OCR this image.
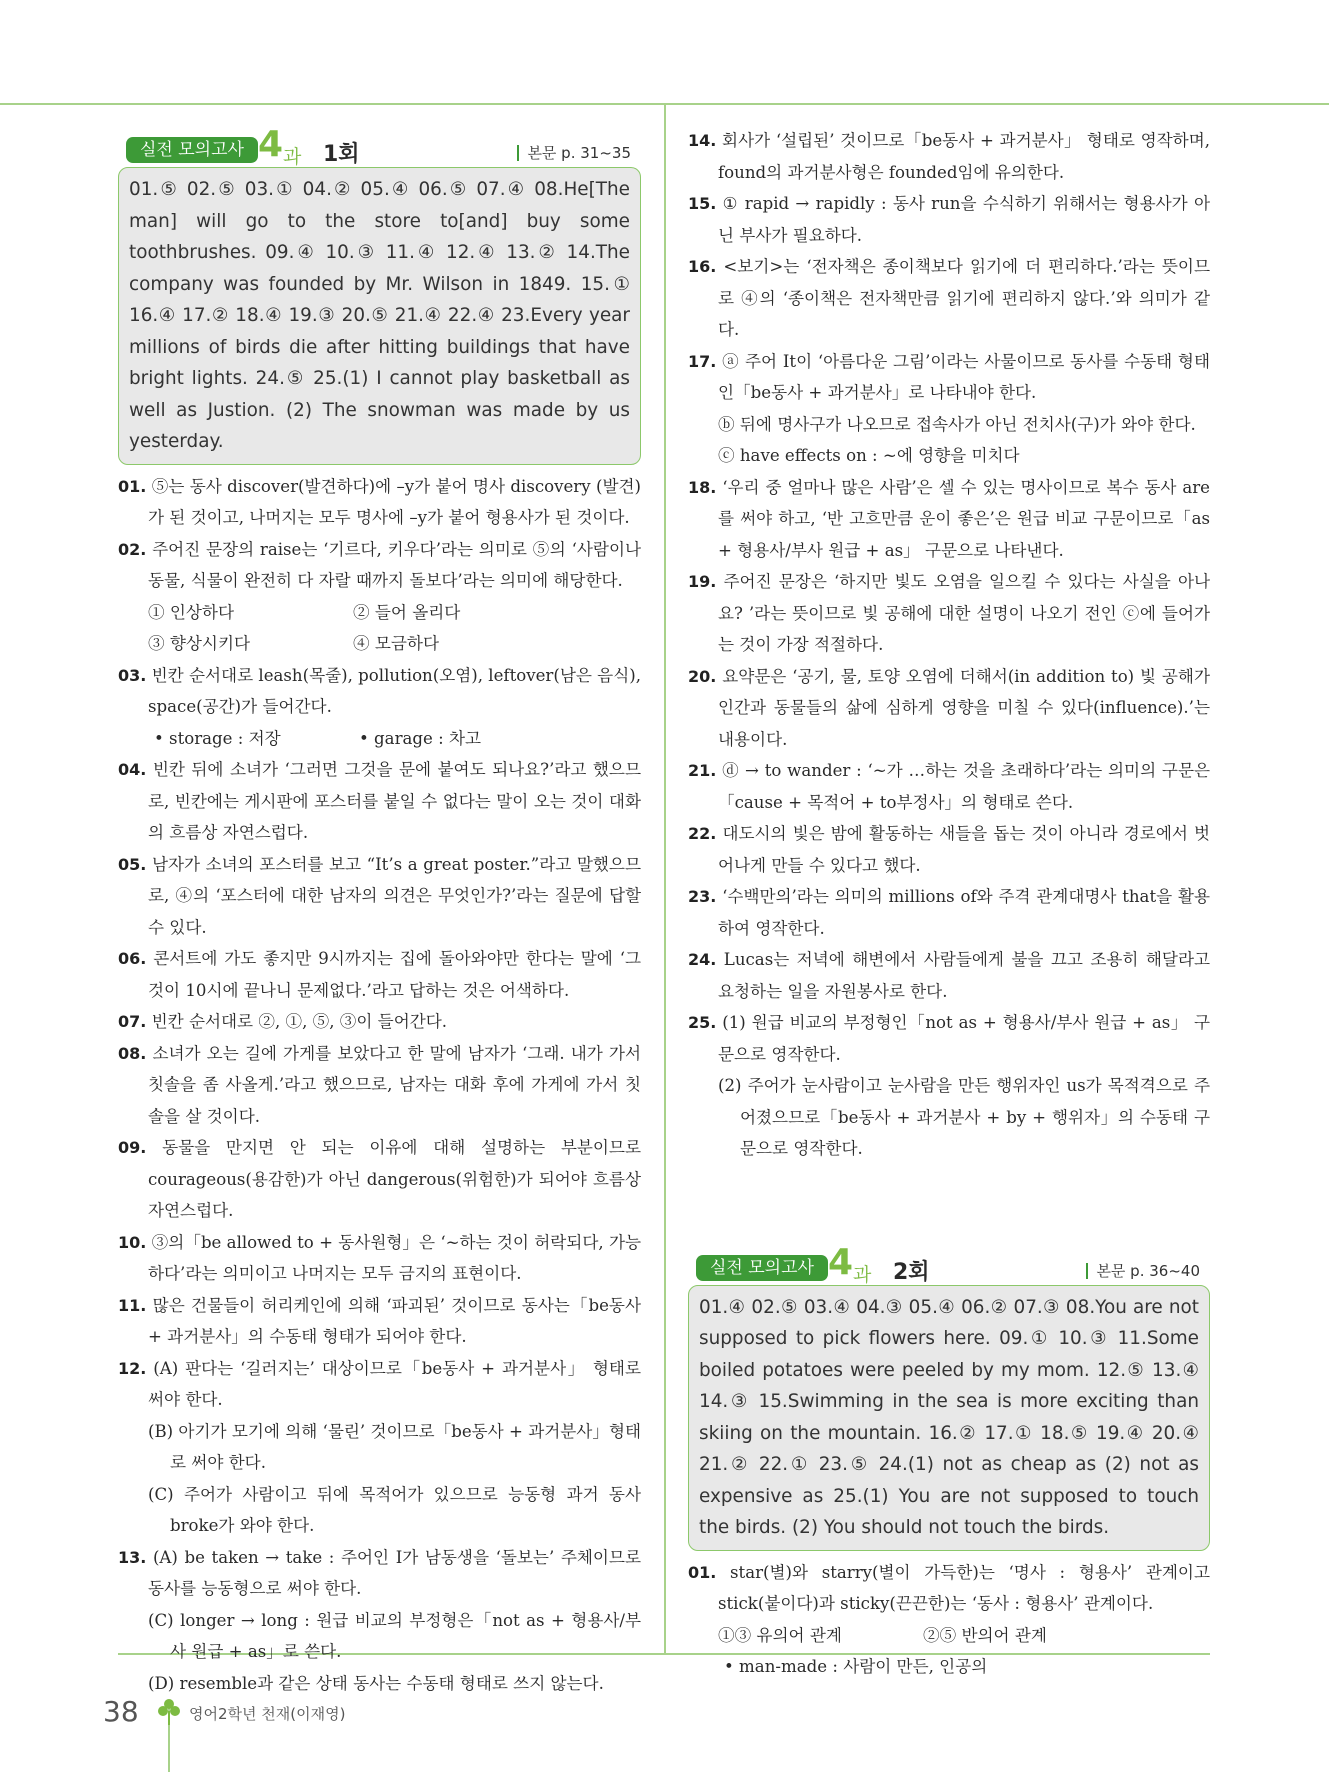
실전 모의고사 4 과 1회	본문 p. 31~35
01.⑤ 02.⑤ 03.① 04.② 05.④ 06.⑤ 07.④ 08.He[The man] will go to the store to[and] buy some toothbrushes. 09.④ 10.③ 11.④ 12.④ 13.② 14.The company was founded by Mr. Wilson in 1849. 15.① 16.④ 17.② 18.④ 19.③ 20.⑤ 21.④ 22.④ 23.Every year millions of birds die after hitting buildings that have bright lights. 24.⑤ 25.(1) I cannot play basketball as well as Justion. (2) The snowman was made by us yesterday.
01. ⑤는 동사 discover(발견하다)에 –y가 붙어 명사 discovery (발견)가 된 것이고, 나머지는 모두 명사에 –y가 붙어 형용사가 된 것이다.
02. 주어진 문장의 raise는 ‘기르다, 키우다’라는 의미로 ⑤의 ‘사람이나 동물, 식물이 완전히 다 자랄 때까지 돌보다’라는 의미에 해당한다.
① 인상하다	② 들어 올리다
③ 향상시키다	④ 모금하다
03. 빈칸 순서대로 leash(목줄), pollution(오염), leftover(남은 음식), space(공간)가 들어간다.
• storage : 저장	• garage : 차고
04. 빈칸 뒤에 소녀가 ‘그러면 그것을 문에 붙여도 되나요?’라고 했으므로, 빈칸에는 게시판에 포스터를 붙일 수 없다는 말이 오는 것이 대화의 흐름상 자연스럽다.
05. 남자가 소녀의 포스터를 보고 “It’s a great poster.”라고 말했으므로, ④의 ‘포스터에 대한 남자의 의견은 무엇인가?’라는 질문에 답할 수 있다.
06. 콘서트에 가도 좋지만 9시까지는 집에 돌아와야만 한다는 말에 ‘그것이 10시에 끝나니 문제없다.’라고 답하는 것은 어색하다.
07. 빈칸 순서대로 ②, ①, ⑤, ③이 들어간다.
08. 소녀가 오는 길에 가게를 보았다고 한 말에 남자가 ‘그래. 내가 가서 칫솔을 좀 사올게.’라고 했으므로, 남자는 대화 후에 가게에 가서 칫솔을 살 것이다.
09. 동물을 만지면 안 되는 이유에 대해 설명하는 부분이므로 courageous(용감한)가 아닌 dangerous(위험한)가 되어야 흐름상 자연스럽다.
10. ③의「be allowed to + 동사원형」은 ‘~하는 것이 허락되다, 가능하다’라는 의미이고 나머지는 모두 금지의 표현이다.
11. 많은 건물들이 허리케인에 의해 ‘파괴된’ 것이므로 동사는「be동사 + 과거분사」의 수동태 형태가 되어야 한다.
12. (A) 판다는 ‘길러지는’ 대상이므로「be동사 + 과거분사」 형태로 써야 한다.
(B) 아기가 모기에 의해 ‘물린’ 것이므로「be동사 + 과거분사」형태로 써야 한다.
(C) 주어가 사람이고 뒤에 목적어가 있으므로 능동형 과거 동사 broke가 와야 한다.
13. (A) be taken → take : 주어인 I가 남동생을 ‘돌보는’ 주체이므로 동사를 능동형으로 써야 한다.
(C) longer → long : 원급 비교의 부정형은「not as + 형용사/부사 원급 + as」로 쓴다.
(D) resemble과 같은 상태 동사는 수동태 형태로 쓰지 않는다.
14. 회사가 ‘설립된’ 것이므로「be동사 + 과거분사」 형태로 영작하며, found의 과거분사형은 founded임에 유의한다.
15. ① rapid → rapidly : 동사 run을 수식하기 위해서는 형용사가 아닌 부사가 필요하다.
16. <보기>는 ‘전자책은 종이책보다 읽기에 더 편리하다.’라는 뜻이므로 ④의 ‘종이책은 전자책만큼 읽기에 편리하지 않다.’와 의미가 같다.
17. ⓐ 주어 It이 ‘아름다운 그림’이라는 사물이므로 동사를 수동태 형태인「be동사 + 과거분사」로 나타내야 한다.
ⓑ 뒤에 명사구가 나오므로 접속사가 아닌 전치사(구)가 와야 한다.
ⓒ have effects on : ~에 영향을 미치다
18. ‘우리 중 얼마나 많은 사람’은 셀 수 있는 명사이므로 복수 동사 are를 써야 하고, ‘반 고흐만큼 운이 좋은’은 원급 비교 구문이므로「as + 형용사/부사 원급 + as」 구문으로 나타낸다.
19. 주어진 문장은 ‘하지만 빛도 오염을 일으킬 수 있다는 사실을 아나요? ’라는 뜻이므로 빛 공해에 대한 설명이 나오기 전인 ⓒ에 들어가는 것이 가장 적절하다.
20. 요약문은 ‘공기, 물, 토양 오염에 더해서(in addition to) 빛 공해가 인간과 동물들의 삶에 심하게 영향을 미칠 수 있다(influence).’는 내용이다.
21. ⓓ → to wander : ‘~가 …하는 것을 초래하다’라는 의미의 구문은「cause + 목적어 + to부정사」의 형태로 쓴다.
22. 대도시의 빛은 밤에 활동하는 새들을 돕는 것이 아니라 경로에서 벗어나게 만들 수 있다고 했다.
23. ‘수백만의’라는 의미의 millions of와 주격 관계대명사 that을 활용하여 영작한다.
24. Lucas는 저녁에 해변에서 사람들에게 불을 끄고 조용히 해달라고 요청하는 일을 자원봉사로 한다.
25. (1) 원급 비교의 부정형인「not as + 형용사/부사 원급 + as」 구문으로 영작한다.
(2) 주어가 눈사람이고 눈사람을 만든 행위자인 us가 목적격으로 주어졌으므로「be동사 + 과거분사 + by + 행위자」의 수동태 구문으로 영작한다.
실전 모의고사 4 과 2회	본문 p. 36~40
01.④ 02.⑤ 03.④ 04.③ 05.④ 06.② 07.③ 08.You are not supposed to pick flowers here. 09.① 10.③ 11.Some boiled potatoes were peeled by my mom. 12.⑤ 13.④ 14.③ 15.Swimming in the sea is more exciting than skiing on the mountain. 16.② 17.① 18.⑤ 19.④ 20.④ 21.② 22.① 23.⑤ 24.(1) not as cheap as (2) not as expensive as 25.(1) You are not supposed to touch the birds. (2) You should not touch the birds.
01. star(별)와 starry(별이 가득한)는 ‘명사 : 형용사’ 관계이고 stick(붙이다)과 sticky(끈끈한)는 ‘동사 : 형용사’ 관계이다.
①③ 유의어 관계	②⑤ 반의어 관계
• man-made : 사람이 만든, 인공의
38	영어2학년 천재(이재영)
